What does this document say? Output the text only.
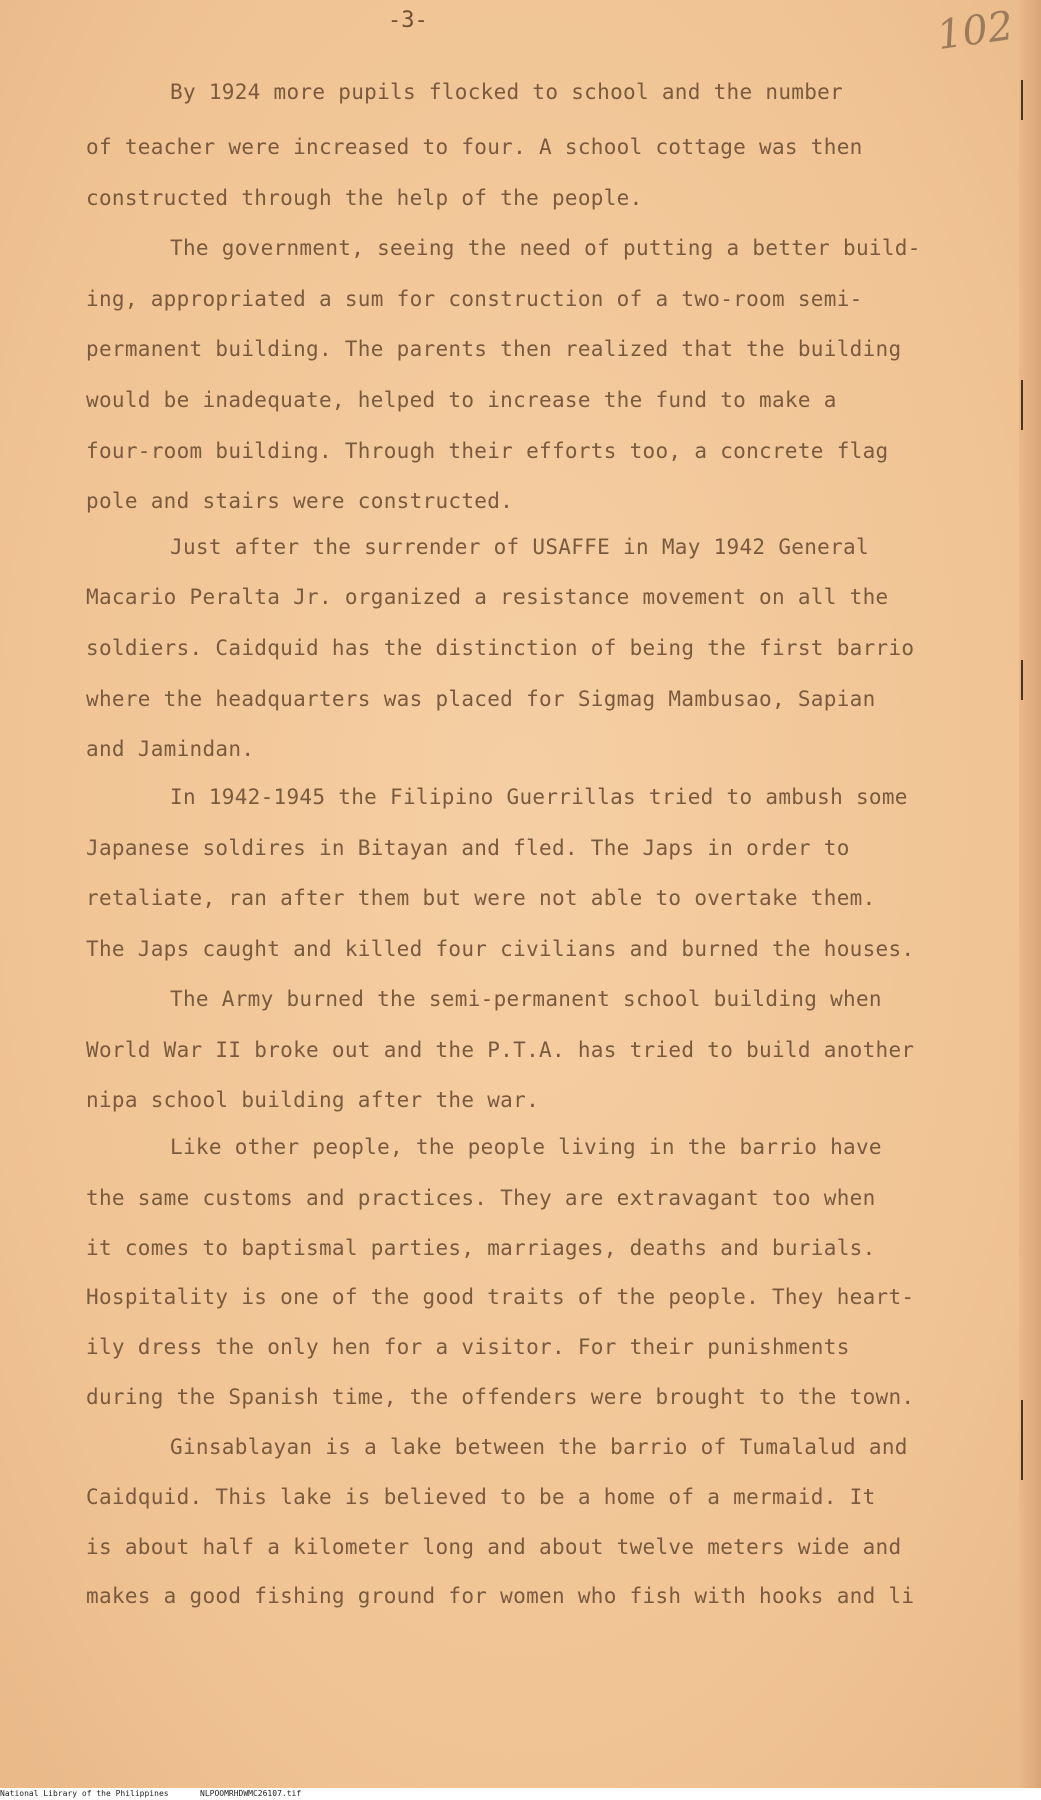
-3-	102
By 1924 more pupils flocked to school and the number
of teacher were increased to four. A school cottage was then
constructed through the help of the people.
The government, seeing the need of putting a better build-
ing, appropriated a sum for construction of a two-room semi-
permanent building. The parents then realized that the building
would be inadequate, helped to increase the fund to make a
four-room building. Through their efforts too, a concrete flag
pole and stairs were constructed.
Just after the surrender of USAFFE in May 1942 General
Macario Peralta Jr. organized a resistance movement on all the
soldiers. Caidquid has the distinction of being the first barrio
where the headquarters was placed for Sigmag Mambusao, Sapian
and Jamindan.
In 1942-1945 the Filipino Guerrillas tried to ambush some
Japanese soldires in Bitayan and fled. The Japs in order to
retaliate, ran after them but were not able to overtake them.
The Japs caught and killed four civilians and burned the houses.
The Army burned the semi-permanent school building when
World War II broke out and the P.T.A. has tried to build another
nipa school building after the war.
Like other people, the people living in the barrio have
the same customs and practices. They are extravagant too when
it comes to baptismal parties, marriages, deaths and burials.
Hospitality is one of the good traits of the people. They heart-
ily dress the only hen for a visitor. For their punishments
during the Spanish time, the offenders were brought to the town.
Ginsablayan is a lake between the barrio of Tumalalud and
Caidquid. This lake is believed to be a home of a mermaid. It
is about half a kilometer long and about twelve meters wide and
makes a good fishing ground for women who fish with hooks and li
National Library of the Philippines	NLPOOMRHDWMC26107.tif
